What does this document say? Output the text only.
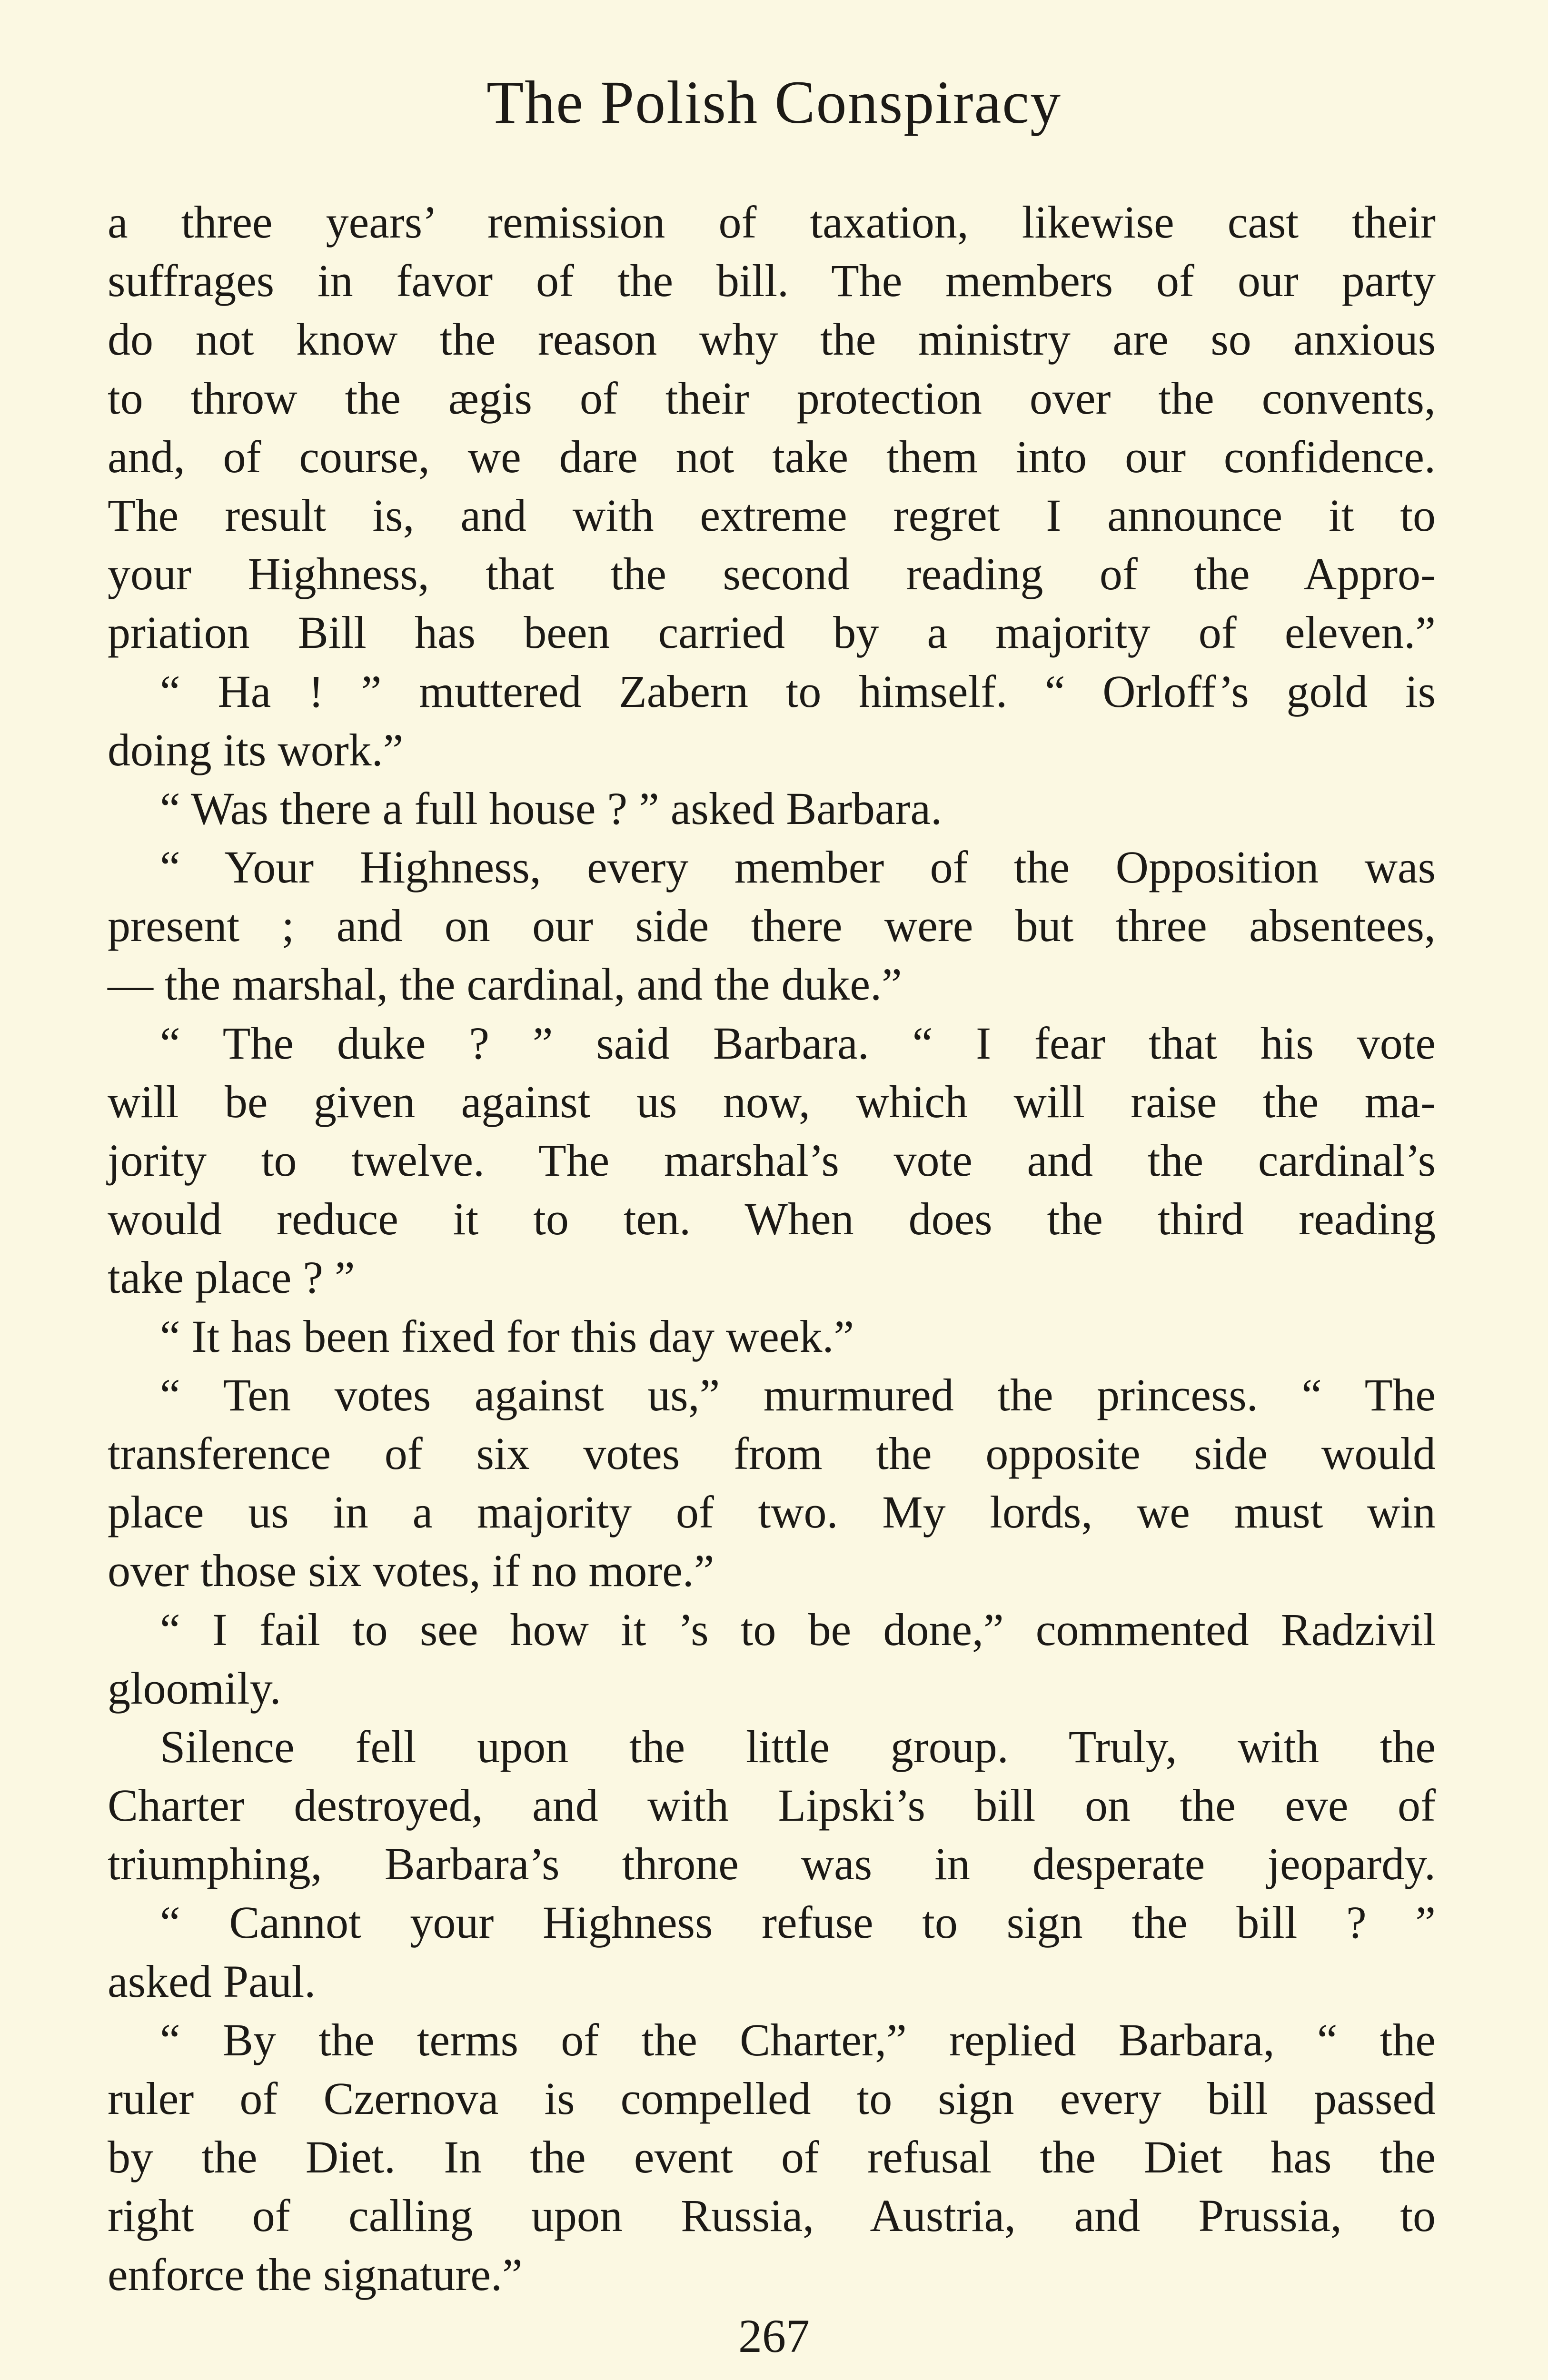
The Polish Conspiracy
a three years’ remission of taxation, likewise cast their
suffrages in favor of the bill. The members of our party
do not know the reason why the ministry are so anxious
to throw the ægis of their protection over the convents,
and, of course, we dare not take them into our confidence.
The result is, and with extreme regret I announce it to
your Highness, that the second reading of the Appro-
priation Bill has been carried by a majority of eleven.”
“ Ha ! ” muttered Zabern to himself. “ Orloff’s gold is
doing its work.”
“ Was there a full house ? ” asked Barbara.
“ Your Highness, every member of the Opposition was
present ; and on our side there were but three absentees,
— the marshal, the cardinal, and the duke.”
“ The duke ? ” said Barbara. “ I fear that his vote
will be given against us now, which will raise the ma-
jority to twelve. The marshal’s vote and the cardinal’s
would reduce it to ten. When does the third reading
take place ? ”
“ It has been fixed for this day week.”
“ Ten votes against us,” murmured the princess. “ The
transference of six votes from the opposite side would
place us in a majority of two. My lords, we must win
over those six votes, if no more.”
“ I fail to see how it ’s to be done,” commented Radzivil
gloomily.
Silence fell upon the little group. Truly, with the
Charter destroyed, and with Lipski’s bill on the eve of
triumphing, Barbara’s throne was in desperate jeopardy.
“ Cannot your Highness refuse to sign the bill ? ”
asked Paul.
“ By the terms of the Charter,” replied Barbara, “ the
ruler of Czernova is compelled to sign every bill passed
by the Diet. In the event of refusal the Diet has the
right of calling upon Russia, Austria, and Prussia, to
enforce the signature.”
267
